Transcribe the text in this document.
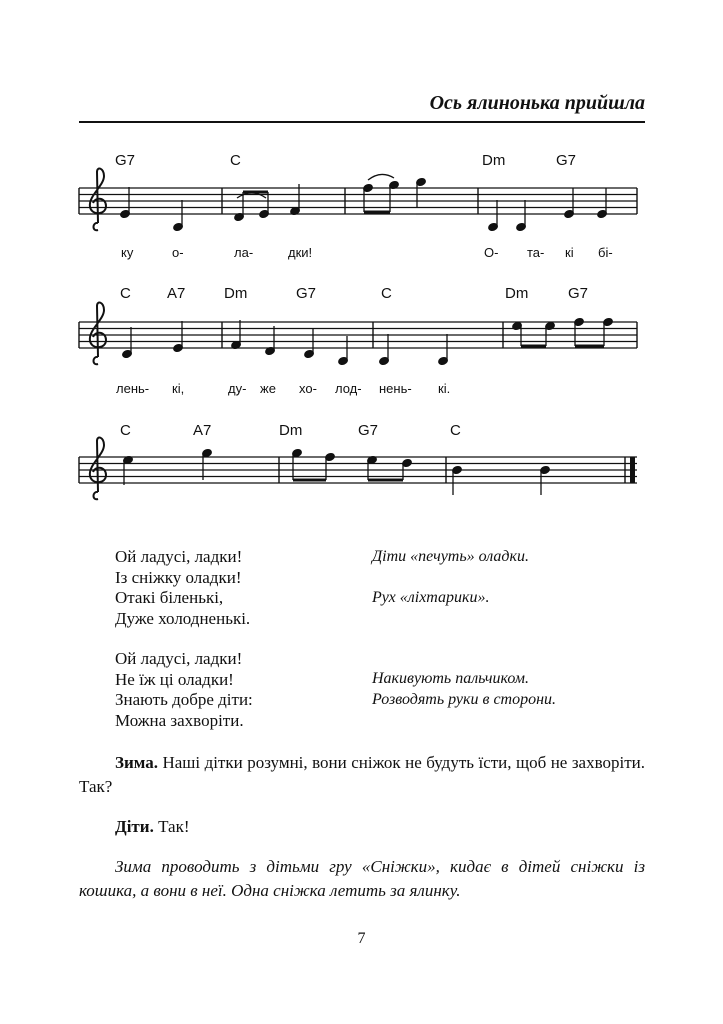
Ось ялинонька прийшла
G7	C	Dm	G7
C A7	Dm	G7	C	Dm	G7
C	A7	Dm	G7	C
ку	о-	ла-	дки!	О- та- кі бі-
лень- кі,	ду- же хо- лод- нень- кі.
Ой ладусі, ладки!
Із сніжку оладки!
Отакі біленькі,
Дуже холодненькі.
Ой ладусі, ладки!
Не їж ці оладки!
Знають добре діти:
Можна захворіти.
Діти «печуть» оладки.
Рух «ліхтарики».
Накивують пальчиком.
Розводять руки в сторони.
Зима. Наші дітки розумні, вони сніжок не будуть їсти, щоб не захворіти. Так?
Діти. Так!
Зима проводить з дітьми гру «Сніжки», кидає в дітей сніжки із кошика, а вони в неї. Одна сніжка летить за ялинку.
7
